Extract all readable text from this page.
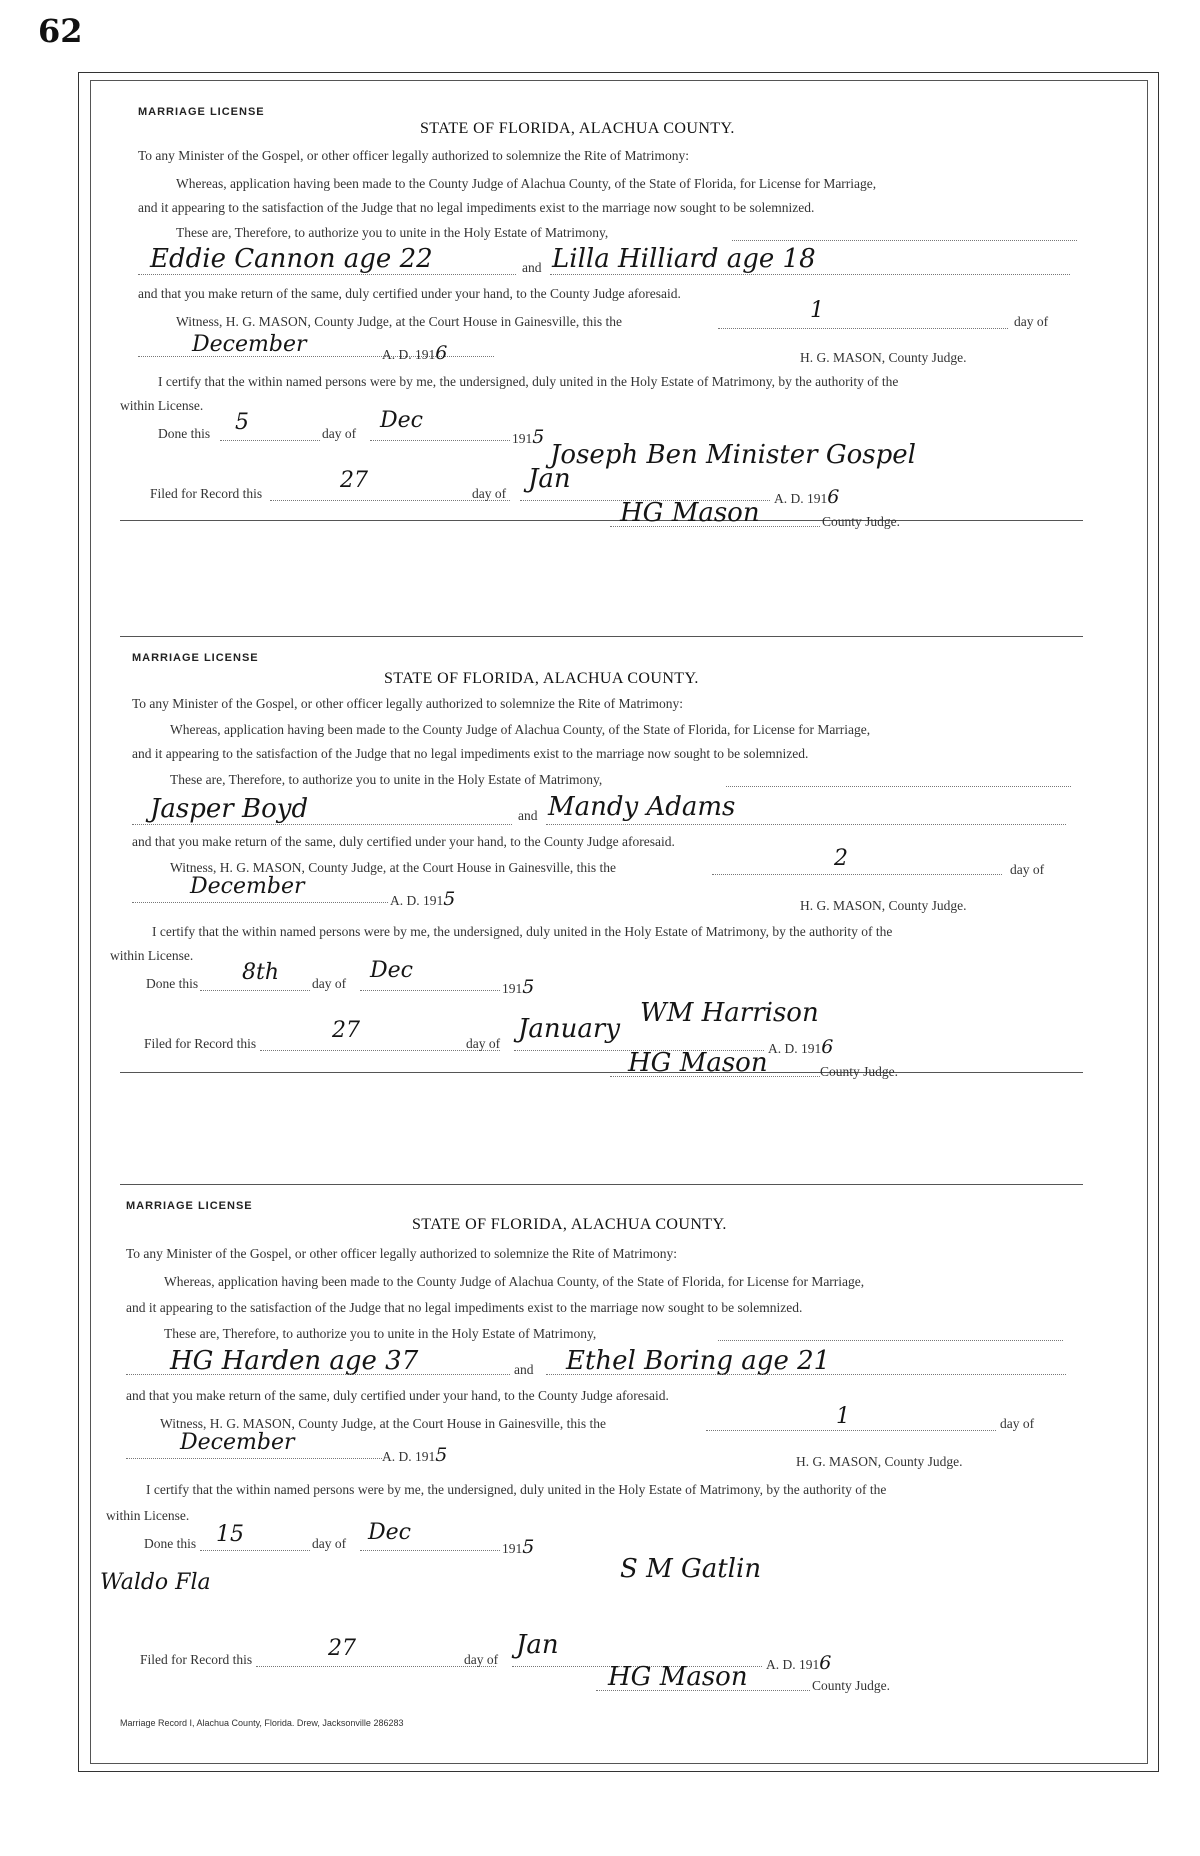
62
MARRIAGE LICENSE
STATE OF FLORIDA, ALACHUA COUNTY.
To any Minister of the Gospel, or other officer legally authorized to solemnize the Rite of Matrimony:
Whereas, application having been made to the County Judge of Alachua County, of the State of Florida, for License for Marriage,
and it appearing to the satisfaction of the Judge that no legal impediments exist to the marriage now sought to be solemnized.
These are, Therefore, to authorize you to unite in the Holy Estate of Matrimony,
Eddie Cannon age 22	and Lilla Hilliard age 18
and that you make return of the same, duly certified under your hand, to the County Judge aforesaid.
Witness, H. G. MASON, County Judge, at the Court House in Gainesville, this the	1	day of
December	A. D. 1916	H. G. MASON, County Judge.
I certify that the within named persons were by me, the undersigned, duly united in the Holy Estate of Matrimony, by the authority of the
within License.
Done this 5	day of
Dec
1915
Joseph Ben Minister Gospel
Filed for Record this
27
day of Jan
A. D. 1916
HG Mason	County Judge.
MARRIAGE LICENSE
STATE OF FLORIDA, ALACHUA COUNTY.
To any Minister of the Gospel, or other officer legally authorized to solemnize the Rite of Matrimony:
Whereas, application having been made to the County Judge of Alachua County, of the State of Florida, for License for Marriage,
and it appearing to the satisfaction of the Judge that no legal impediments exist to the marriage now sought to be solemnized.
These are, Therefore, to authorize you to unite in the Holy Estate of Matrimony,
Jasper Boyd	and Mandy Adams
and that you make return of the same, duly certified under your hand, to the County Judge aforesaid.
Witness, H. G. MASON, County Judge, at the Court House in Gainesville, this the	2	day of
December
A. D. 1915	H. G. MASON, County Judge.
I certify that the within named persons were by me, the undersigned, duly united in the Holy Estate of Matrimony, by the authority of the
within License.
Done this 8th day of
Dec
1915
WM Harrison
Filed for Record this
27
day of January
A. D. 1916
HG Mason	County Judge.
MARRIAGE LICENSE
STATE OF FLORIDA, ALACHUA COUNTY.
To any Minister of the Gospel, or other officer legally authorized to solemnize the Rite of Matrimony:
Whereas, application having been made to the County Judge of Alachua County, of the State of Florida, for License for Marriage,
and it appearing to the satisfaction of the Judge that no legal impediments exist to the marriage now sought to be solemnized.
These are, Therefore, to authorize you to unite in the Holy Estate of Matrimony,
HG Harden age 37	and Ethel Boring age 21
and that you make return of the same, duly certified under your hand, to the County Judge aforesaid.
Witness, H. G. MASON, County Judge, at the Court House in Gainesville, this the	1	day of
December
A. D. 1915	H. G. MASON, County Judge.
I certify that the within named persons were by me, the undersigned, duly united in the Holy Estate of Matrimony, by the authority of the
within License.
Done this 15	day of Dec
1915
S M Gatlin
Waldo Fla
Filed for Record this	27	day of Jan
A. D. 1916
HG Mason	County Judge.
Marriage Record I, Alachua County, Florida. Drew, Jacksonville 286283
